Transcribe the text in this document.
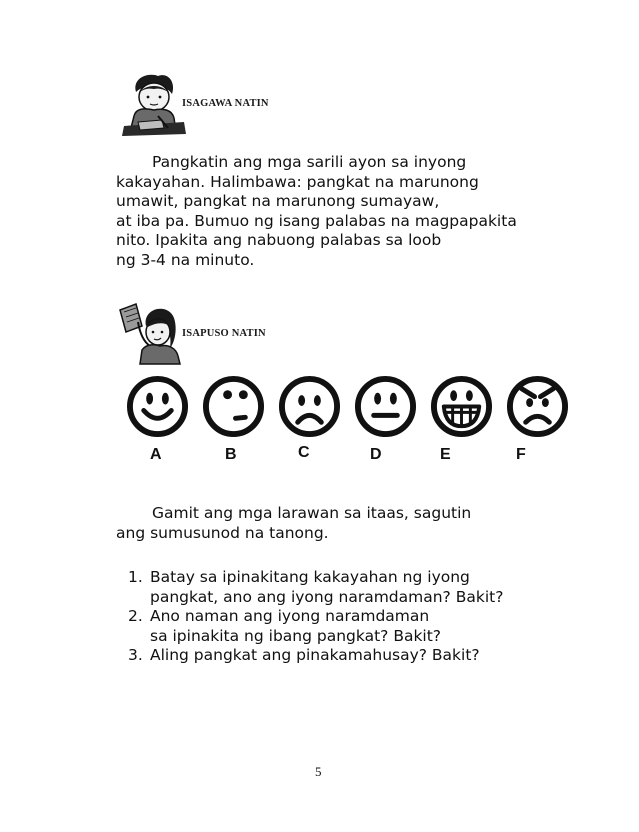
ISAGAWA NATIN
Pangkatin ang mga sarili ayon sa inyong
kakayahan. Halimbawa: pangkat na marunong
umawit, pangkat na marunong sumayaw,
at iba pa. Bumuo ng isang palabas na magpapakita
nito. Ipakita ang nabuong palabas sa loob
ng 3-4 na minuto.
ISAPUSO NATIN
A	B	C	D	E	F
Gamit ang mga larawan sa itaas, sagutin
ang sumusunod na tanong.
1. Batay sa ipinakitang kakayahan ng iyong
pangkat, ano ang iyong naramdaman? Bakit?
2. Ano naman ang iyong naramdaman
sa ipinakita ng ibang pangkat? Bakit?
3. Aling pangkat ang pinakamahusay? Bakit?
5
